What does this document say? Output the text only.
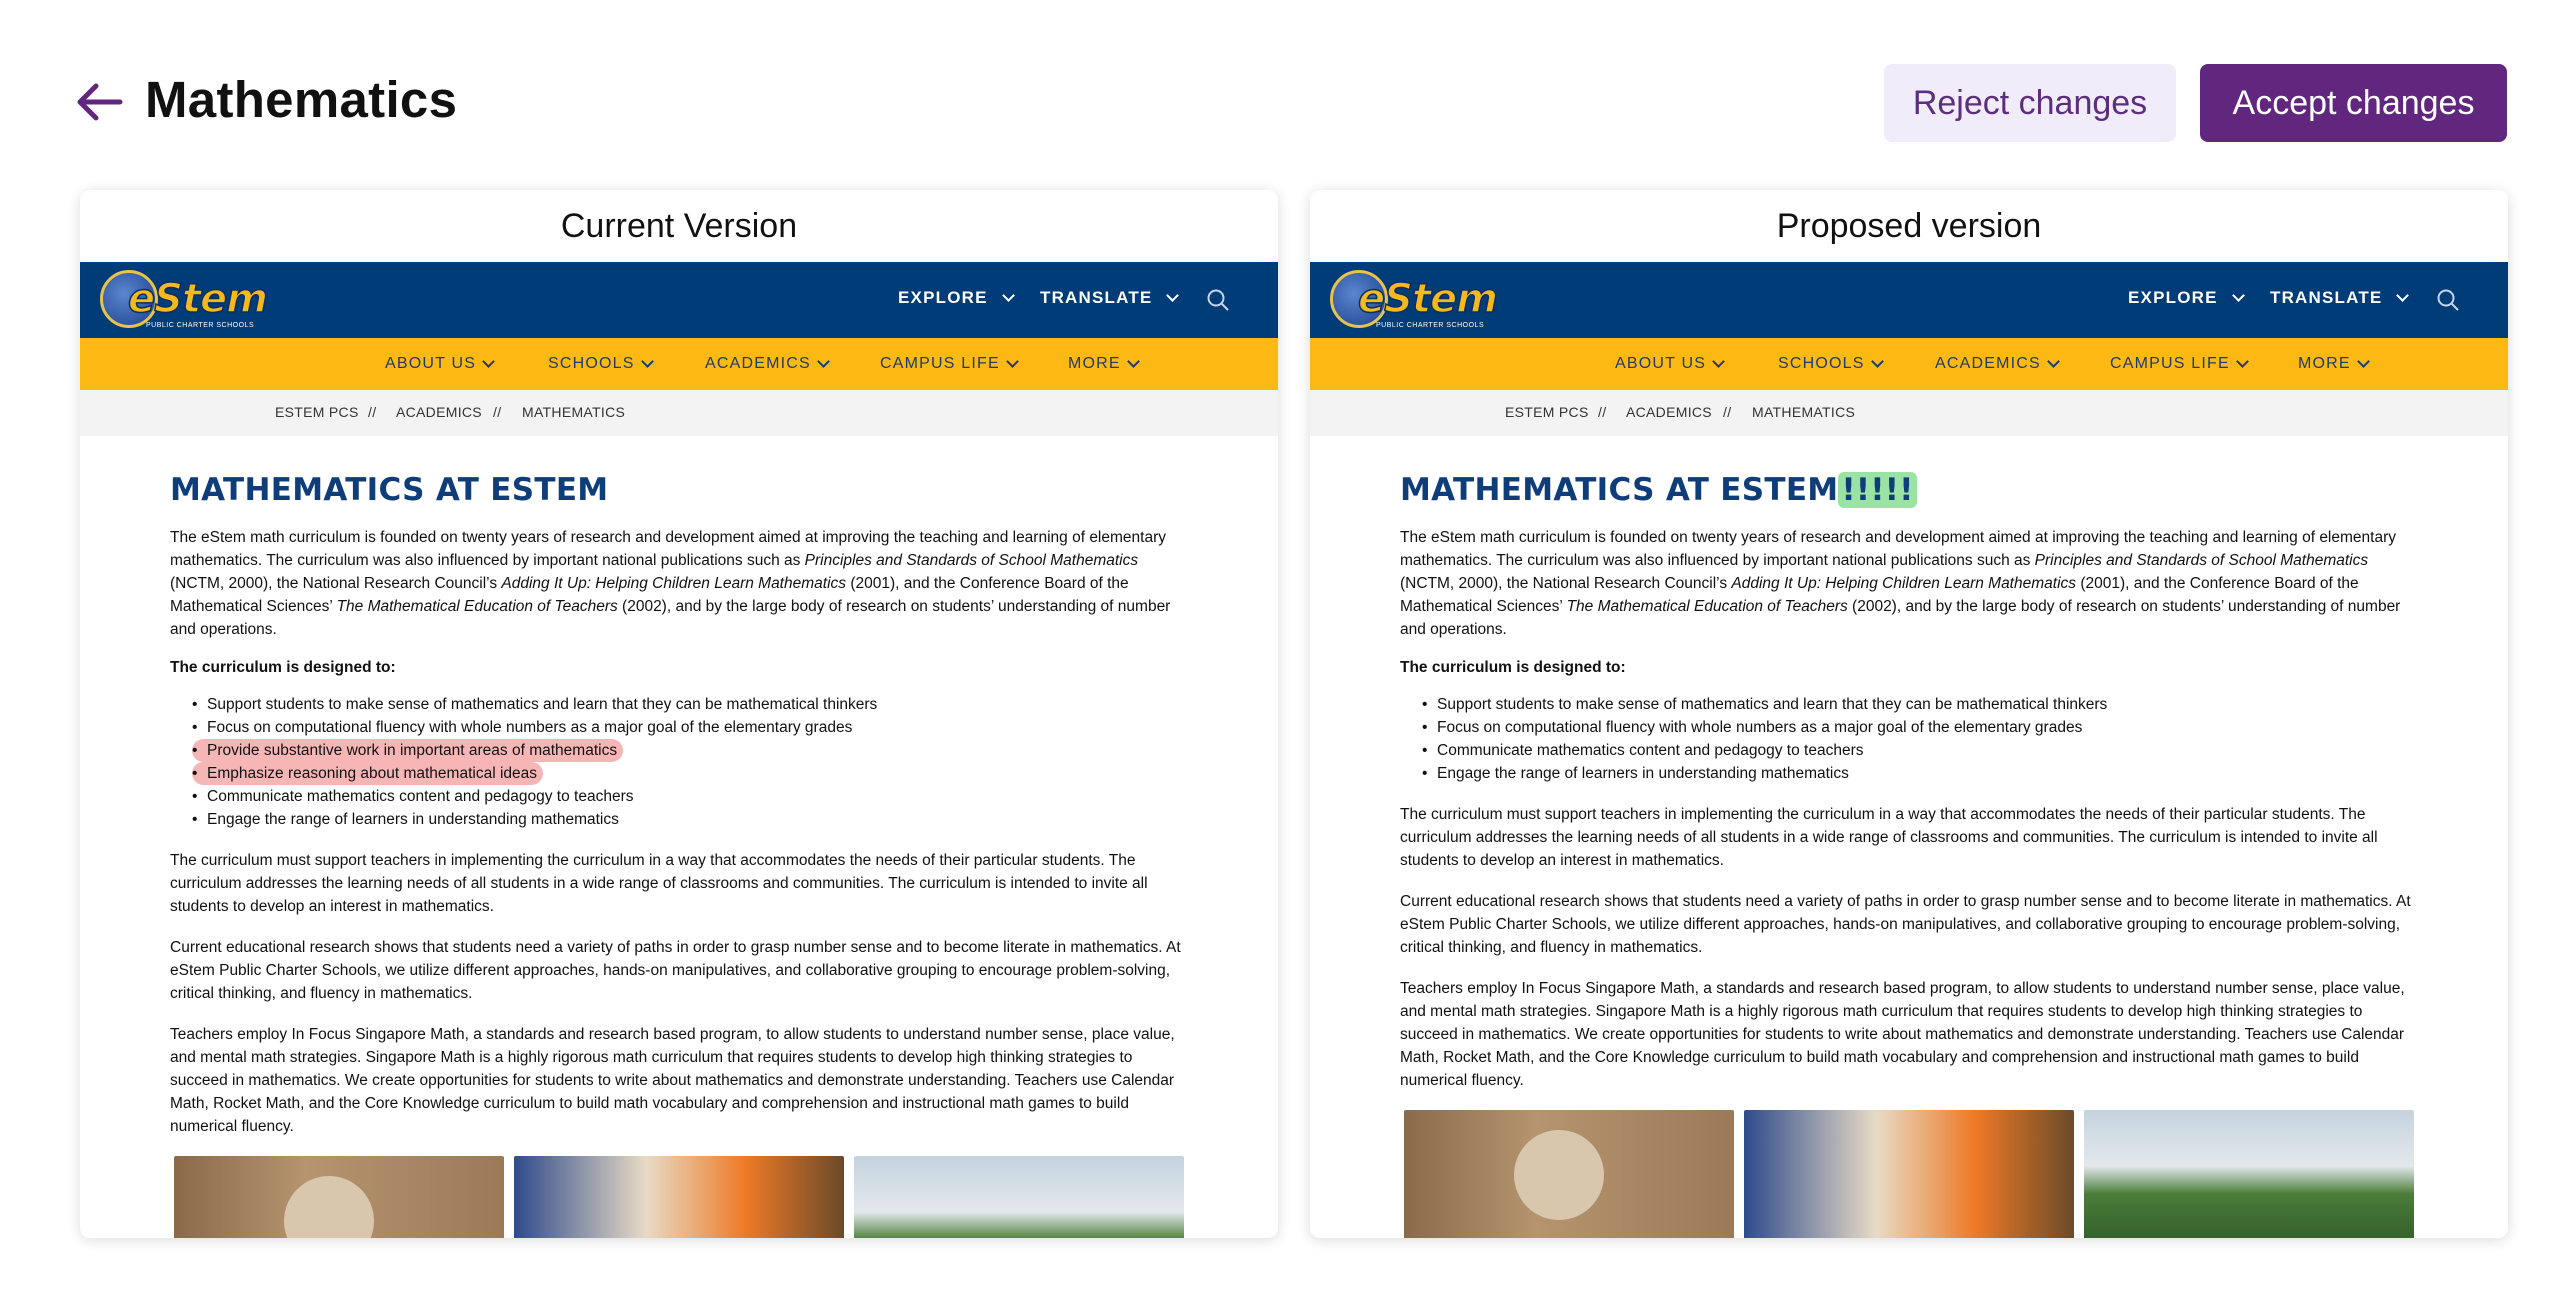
Mathematics	Reject changes	Accept changes
Current Version
eStem
PUBLIC CHARTER SCHOOLS
EXPLORE	TRANSLATE
ABOUT US	SCHOOLS	ACADEMICS	CAMPUS LIFE	MORE
ESTEM PCS // ACADEMICS // MATHEMATICS
MATHEMATICS AT ESTEM

The eStem math curriculum is founded on twenty years of research and development aimed at improving the teaching and learning of elementary mathematics. The curriculum was also influenced by important national publications such as Principles and Standards of School Mathematics (NCTM, 2000), the National Research Council’s Adding It Up: Helping Children Learn Mathematics (2001), and the Conference Board of the Mathematical Sciences’ The Mathematical Education of Teachers (2002), and by the large body of research on students’ understanding of number and operations.

The curriculum is designed to:
• Support students to make sense of mathematics and learn that they can be mathematical thinkers
• Focus on computational fluency with whole numbers as a major goal of the elementary grades
• Provide substantive work in important areas of mathematics
• Emphasize reasoning about mathematical ideas
• Communicate mathematics content and pedagogy to teachers
• Engage the range of learners in understanding mathematics

The curriculum must support teachers in implementing the curriculum in a way that accommodates the needs of their particular students. The curriculum addresses the learning needs of all students in a wide range of classrooms and communities. The curriculum is intended to invite all students to develop an interest in mathematics.

Current educational research shows that students need a variety of paths in order to grasp number sense and to become literate in mathematics. At eStem Public Charter Schools, we utilize different approaches, hands-on manipulatives, and collaborative grouping to encourage problem-solving, critical thinking, and fluency in mathematics.

Teachers employ In Focus Singapore Math, a standards and research based program, to allow students to understand number sense, place value, and mental math strategies. Singapore Math is a highly rigorous math curriculum that requires students to develop high thinking strategies to succeed in mathematics. We create opportunities for students to write about mathematics and demonstrate understanding. Teachers use Calendar Math, Rocket Math, and the Core Knowledge curriculum to build math vocabulary and comprehension and instructional math games to build numerical fluency.

Proposed version
eStem
PUBLIC CHARTER SCHOOLS
EXPLORE	TRANSLATE
ABOUT US	SCHOOLS	ACADEMICS	CAMPUS LIFE	MORE
ESTEM PCS // ACADEMICS // MATHEMATICS
MATHEMATICS AT ESTEM!!!!!

The eStem math curriculum is founded on twenty years of research and development aimed at improving the teaching and learning of elementary mathematics. The curriculum was also influenced by important national publications such as Principles and Standards of School Mathematics (NCTM, 2000), the National Research Council’s Adding It Up: Helping Children Learn Mathematics (2001), and the Conference Board of the Mathematical Sciences’ The Mathematical Education of Teachers (2002), and by the large body of research on students’ understanding of number and operations.

The curriculum is designed to:
• Support students to make sense of mathematics and learn that they can be mathematical thinkers
• Focus on computational fluency with whole numbers as a major goal of the elementary grades
• Communicate mathematics content and pedagogy to teachers
• Engage the range of learners in understanding mathematics

The curriculum must support teachers in implementing the curriculum in a way that accommodates the needs of their particular students. The curriculum addresses the learning needs of all students in a wide range of classrooms and communities. The curriculum is intended to invite all students to develop an interest in mathematics.

Current educational research shows that students need a variety of paths in order to grasp number sense and to become literate in mathematics. At eStem Public Charter Schools, we utilize different approaches, hands-on manipulatives, and collaborative grouping to encourage problem-solving, critical thinking, and fluency in mathematics.

Teachers employ In Focus Singapore Math, a standards and research based program, to allow students to understand number sense, place value, and mental math strategies. Singapore Math is a highly rigorous math curriculum that requires students to develop high thinking strategies to succeed in mathematics. We create opportunities for students to write about mathematics and demonstrate understanding. Teachers use Calendar Math, Rocket Math, and the Core Knowledge curriculum to build math vocabulary and comprehension and instructional math games to build numerical fluency.
